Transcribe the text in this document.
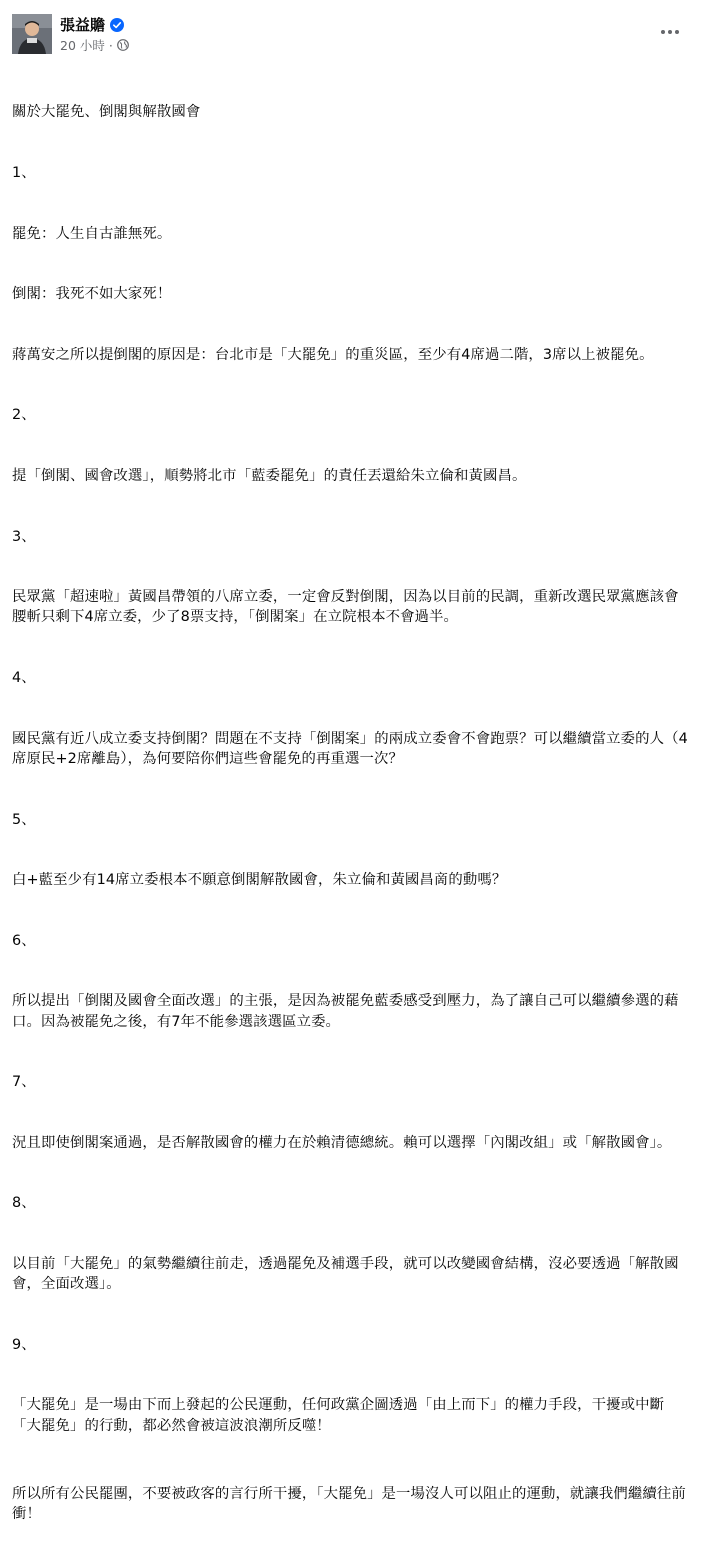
張益贍
20 小時 ·

關於大罷免、倒閣與解散國會

1、

罷免：人生自古誰無死。

倒閣：我死不如大家死！

蔣萬安之所以提倒閣的原因是：台北市是「大罷免」的重災區，至少有4席過二階，3席以上被罷免。

2、

提「倒閣、國會改選」，順勢將北市「藍委罷免」的責任丟還給朱立倫和黃國昌。

3、

民眾黨「超速啦」黃國昌帶領的八席立委，一定會反對倒閣，因為以目前的民調，重新改選民眾黨應該會腰斬只剩下4席立委，少了8票支持，「倒閣案」在立院根本不會過半。

4、

國民黨有近八成立委支持倒閣？問題在不支持「倒閣案」的兩成立委會不會跑票？可以繼續當立委的人（4席原民+2席離島），為何要陪你們這些會罷免的再重選一次？

5、

白+藍至少有14席立委根本不願意倒閣解散國會，朱立倫和黃國昌啇的動嗎？

6、

所以提出「倒閣及國會全面改選」的主張，是因為被罷免藍委感受到壓力，為了讓自己可以繼續參選的藉口。因為被罷免之後，有7年不能參選該選區立委。

7、

況且即使倒閣案通過，是否解散國會的權力在於賴清德總統。賴可以選擇「內閣改組」或「解散國會」。

8、

以目前「大罷免」的氣勢繼續往前走，透過罷免及補選手段，就可以改變國會結構，沒必要透過「解散國會，全面改選」。

9、

「大罷免」是一場由下而上發起的公民運動，任何政黨企圖透過「由上而下」的權力手段，干擾或中斷「大罷免」的行動，都必然會被這波浪潮所反噬！

所以所有公民罷團，不要被政客的言行所干擾，「大罷免」是一場沒人可以阻止的運動，就讓我們繼續往前衝！
